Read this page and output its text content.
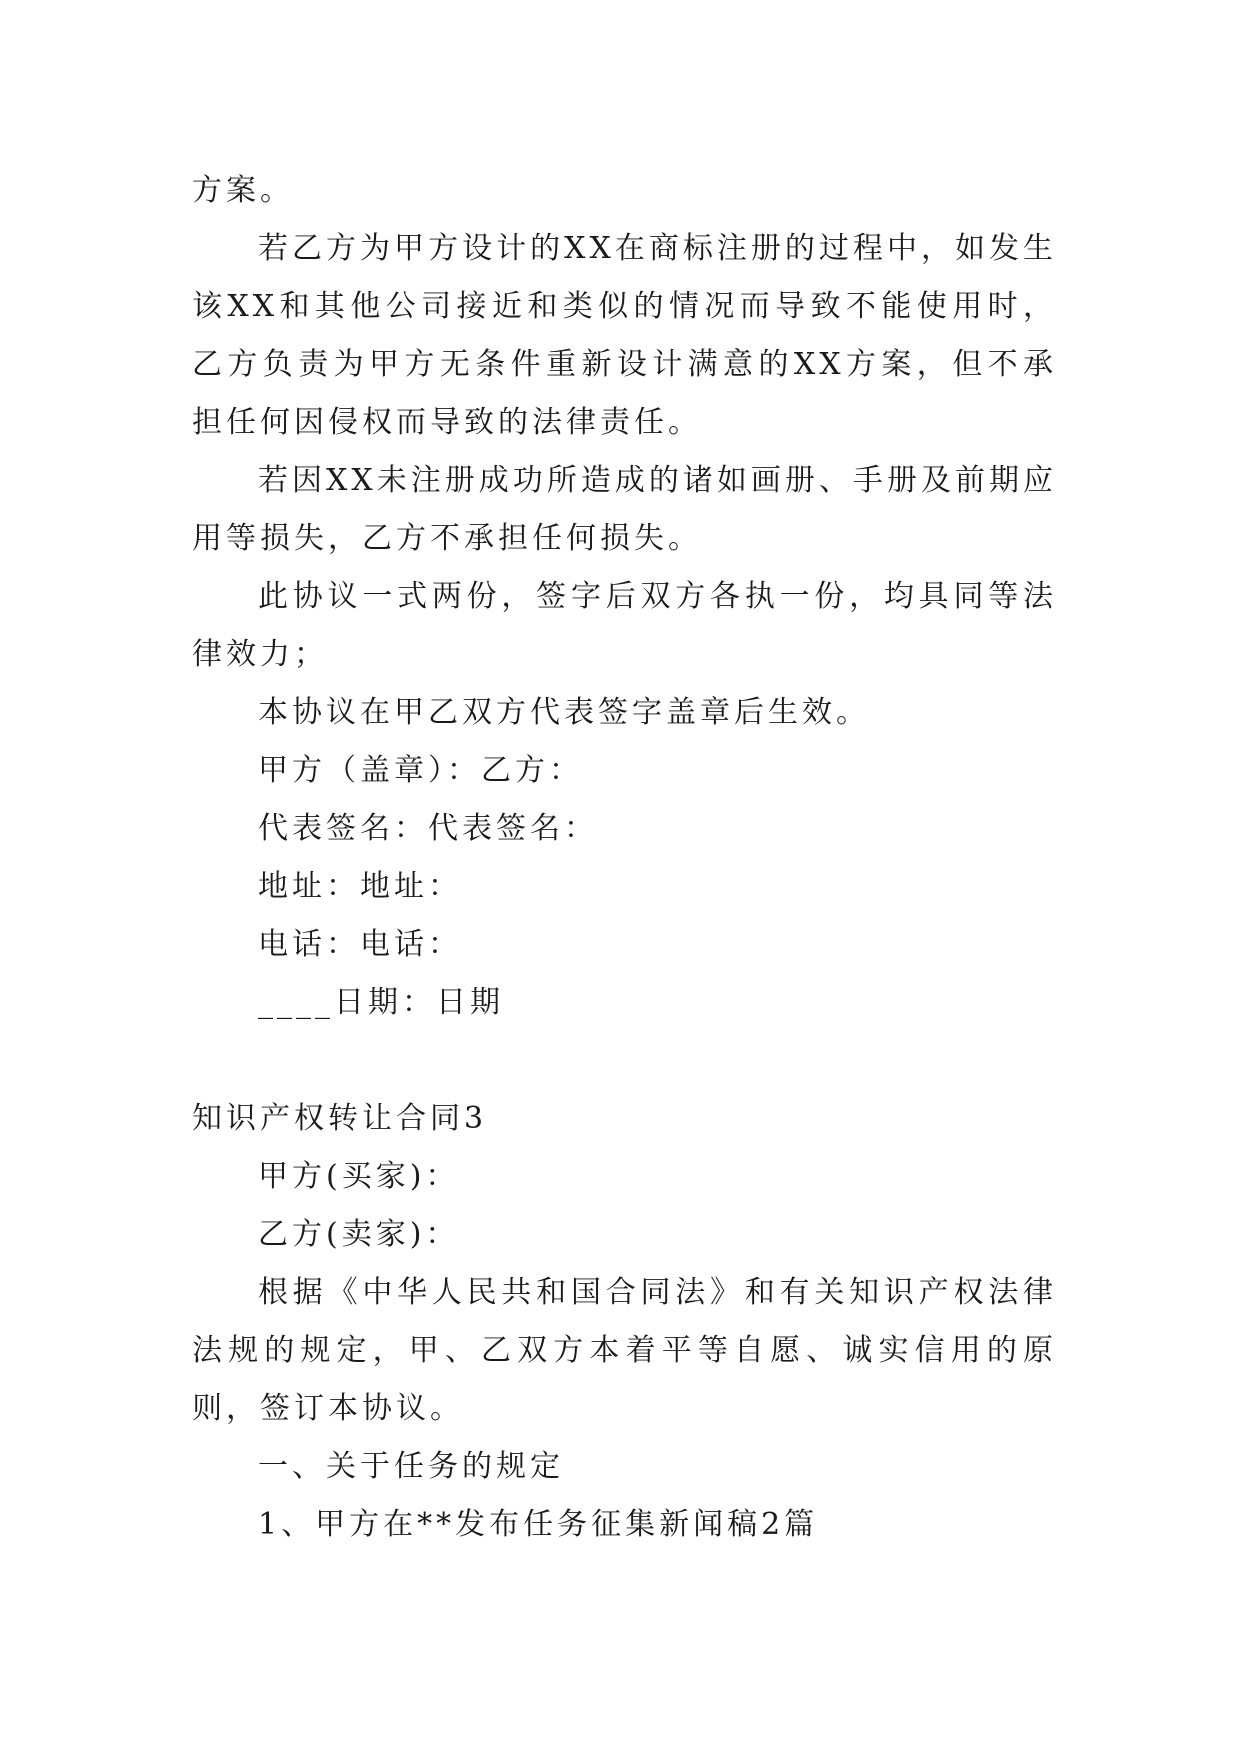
方案。

若乙方为甲方设计的XX在商标注册的过程中，如发生该XX和其他公司接近和类似的情况而导致不能使用时，乙方负责为甲方无条件重新设计满意的XX方案，但不承担任何因侵权而导致的法律责任。

若因XX未注册成功所造成的诸如画册、手册及前期应用等损失，乙方不承担任何损失。

此协议一式两份，签字后双方各执一份，均具同等法律效力；

本协议在甲乙双方代表签字盖章后生效。

甲方（盖章）：乙方：

代表签名：代表签名：

地址：地址：

电话：电话：

____日期：日期

知识产权转让合同3

甲方(买家)：

乙方(卖家)：

根据《中华人民共和国合同法》和有关知识产权法律法规的规定，甲、乙双方本着平等自愿、诚实信用的原则，签订本协议。

一、关于任务的规定

1、甲方在**发布任务征集新闻稿2篇
